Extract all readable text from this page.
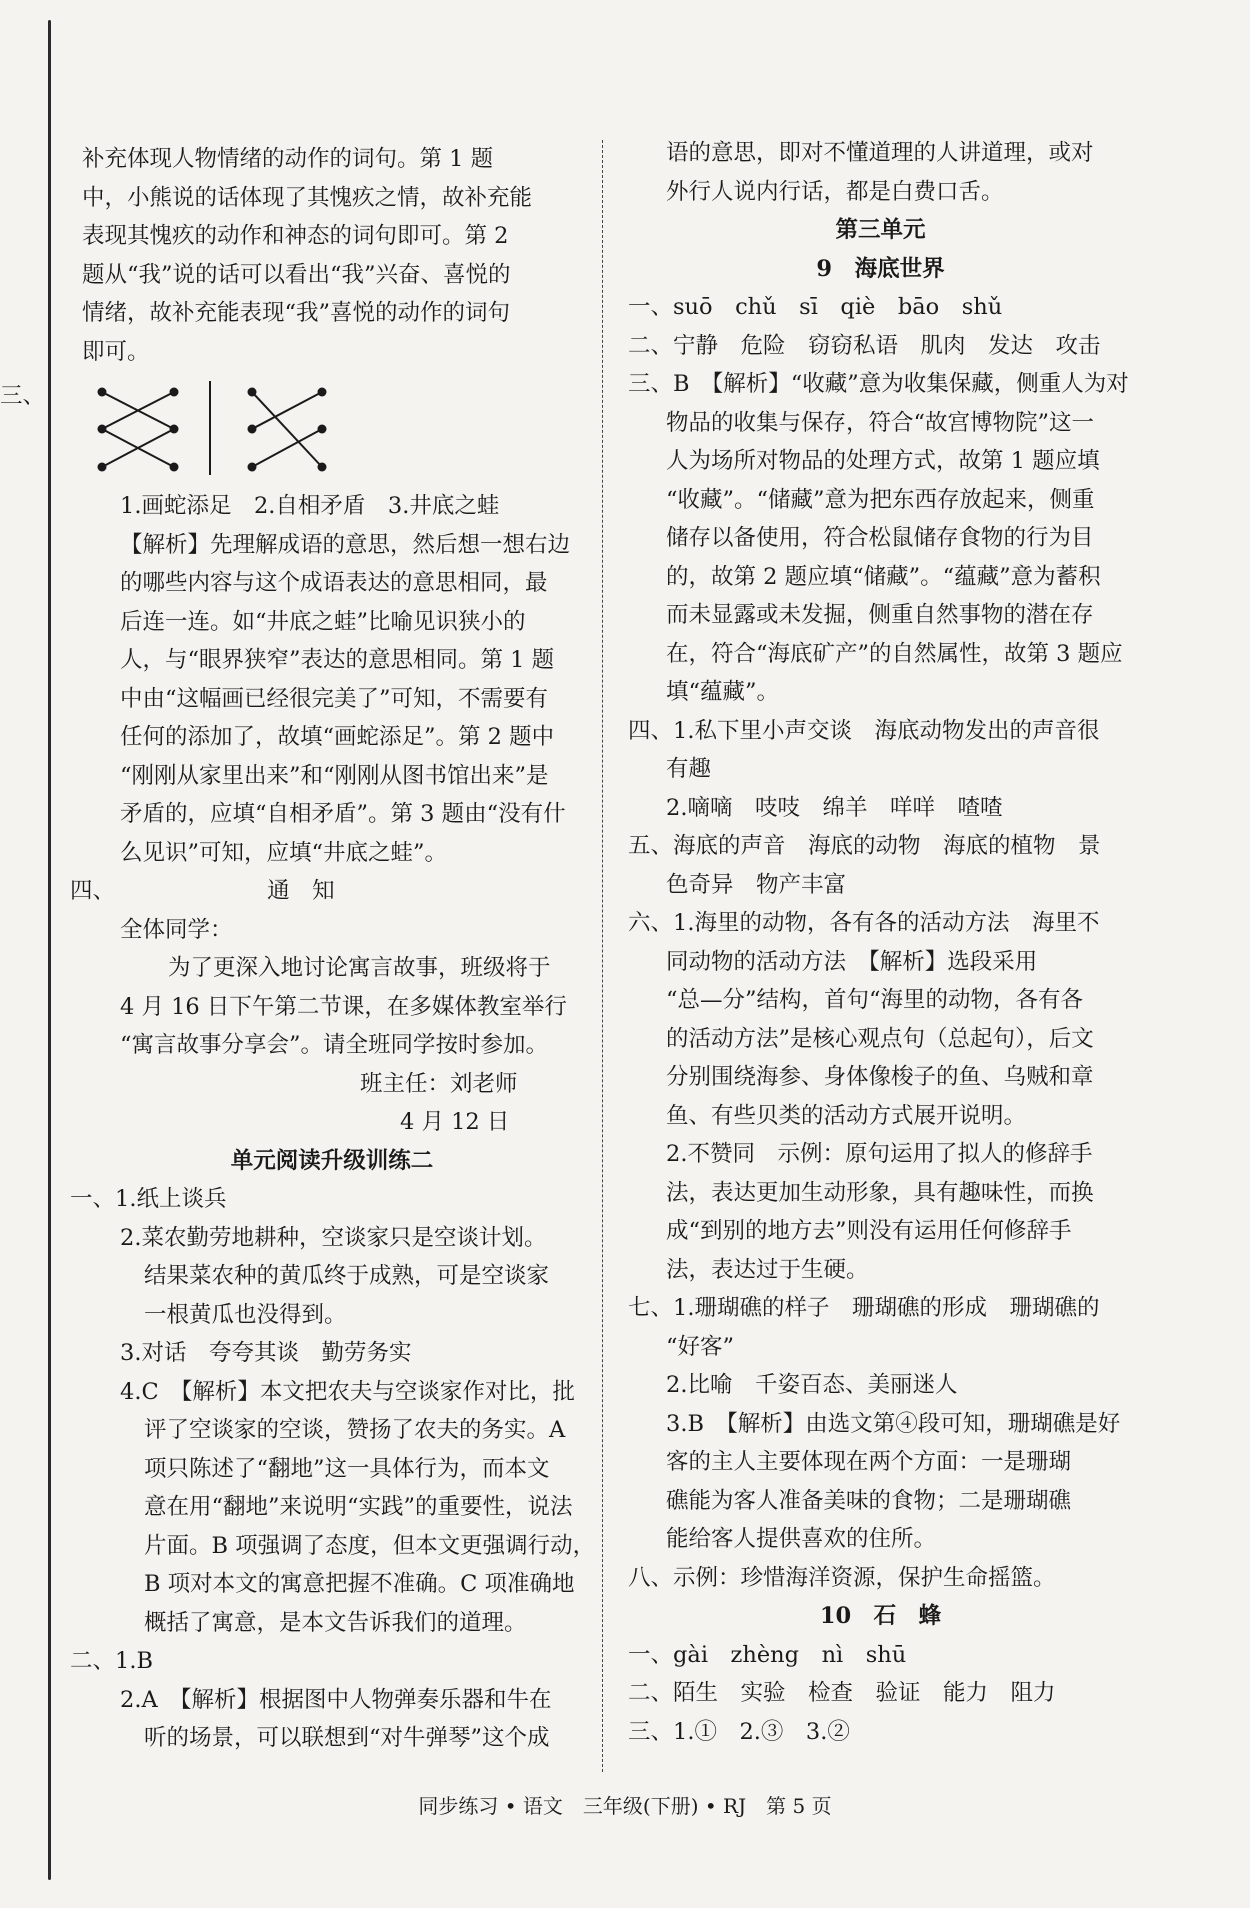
补充体现人物情绪的动作的词句。第 1 题
中，小熊说的话体现了其愧疚之情，故补充能
表现其愧疚的动作和神态的词句即可。第 2
题从“我”说的话可以看出“我”兴奋、喜悦的
情绪，故补充能表现“我”喜悦的动作的词句
即可。
三、
1.画蛇添足　2.自相矛盾　3.井底之蛙
【解析】先理解成语的意思，然后想一想右边
的哪些内容与这个成语表达的意思相同，最
后连一连。如“井底之蛙”比喻见识狭小的
人，与“眼界狭窄”表达的意思相同。第 1 题
中由“这幅画已经很完美了”可知，不需要有
任何的添加了，故填“画蛇添足”。第 2 题中
“刚刚从家里出来”和“刚刚从图书馆出来”是
矛盾的，应填“自相矛盾”。第 3 题由“没有什
么见识”可知，应填“井底之蛙”。
四、	通　知
全体同学：
为了更深入地讨论寓言故事，班级将于
4 月 16 日下午第二节课，在多媒体教室举行
“寓言故事分享会”。请全班同学按时参加。
班主任：刘老师
4 月 12 日
单元阅读升级训练二
一、1.纸上谈兵
2.菜农勤劳地耕种，空谈家只是空谈计划。
结果菜农种的黄瓜终于成熟，可是空谈家
一根黄瓜也没得到。
3.对话　夸夸其谈　勤劳务实
4.C　【解析】本文把农夫与空谈家作对比，批
评了空谈家的空谈，赞扬了农夫的务实。A
项只陈述了“翻地”这一具体行为，而本文
意在用“翻地”来说明“实践”的重要性，说法
片面。B 项强调了态度，但本文更强调行动，
B 项对本文的寓意把握不准确。C 项准确地
概括了寓意，是本文告诉我们的道理。
二、1.B
2.A　【解析】根据图中人物弹奏乐器和牛在
听的场景，可以联想到“对牛弹琴”这个成
语的意思，即对不懂道理的人讲道理，或对
外行人说内行话，都是白费口舌。
第三单元
9　海底世界
一、suō　chǔ　sī　qiè　bāo　shǔ
二、宁静　危险　窃窃私语　肌肉　发达　攻击
三、B　【解析】“收藏”意为收集保藏，侧重人为对
物品的收集与保存，符合“故宫博物院”这一
人为场所对物品的处理方式，故第 1 题应填
“收藏”。“储藏”意为把东西存放起来，侧重
储存以备使用，符合松鼠储存食物的行为目
的，故第 2 题应填“储藏”。“蕴藏”意为蓄积
而未显露或未发掘，侧重自然事物的潜在存
在，符合“海底矿产”的自然属性，故第 3 题应
填“蕴藏”。
四、1.私下里小声交谈　海底动物发出的声音很
有趣
2.嘀嘀　吱吱　绵羊　咩咩　喳喳
五、海底的声音　海底的动物　海底的植物　景
色奇异　物产丰富
六、1.海里的动物，各有各的活动方法　海里不
同动物的活动方法　【解析】选段采用
“总—分”结构，首句“海里的动物，各有各
的活动方法”是核心观点句（总起句），后文
分别围绕海参、身体像梭子的鱼、乌贼和章
鱼、有些贝类的活动方式展开说明。
2.不赞同　示例：原句运用了拟人的修辞手
法，表达更加生动形象，具有趣味性，而换
成“到别的地方去”则没有运用任何修辞手
法，表达过于生硬。
七、1.珊瑚礁的样子　珊瑚礁的形成　珊瑚礁的
“好客”
2.比喻　千姿百态、美丽迷人
3.B　【解析】由选文第④段可知，珊瑚礁是好
客的主人主要体现在两个方面：一是珊瑚
礁能为客人准备美味的食物；二是珊瑚礁
能给客人提供喜欢的住所。
八、示例：珍惜海洋资源，保护生命摇篮。
10　石　蜂
一、gài　zhèng　nì　shū
二、陌生　实验　检查　验证　能力　阻力
三、1.①　2.③　3.②
同步练习 • 语文　三年级(下册) • RJ　第 5 页
